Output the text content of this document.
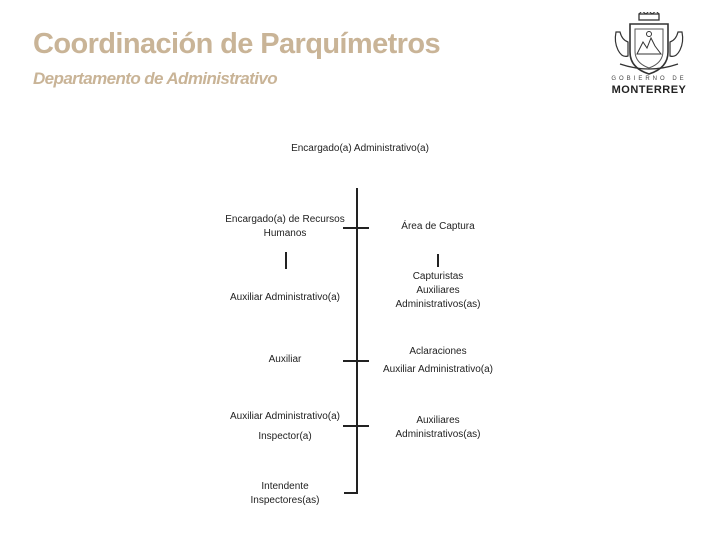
Coordinación de Parquímetros
Departamento de Administrativo	GOBIERNO DE
MONTERREY
Encargado(a) Administrativo(a)
Encargado(a) de Recursos
Humanos
Auxiliar Administrativo(a)
Auxiliar
Auxiliar Administrativo(a)
Inspector(a)
Intendente
Inspectores(as)
Área de Captura
Capturistas
Auxiliares
Administrativos(as)
Aclaraciones
Auxiliar Administrativo(a)
Auxiliares
Administrativos(as)
